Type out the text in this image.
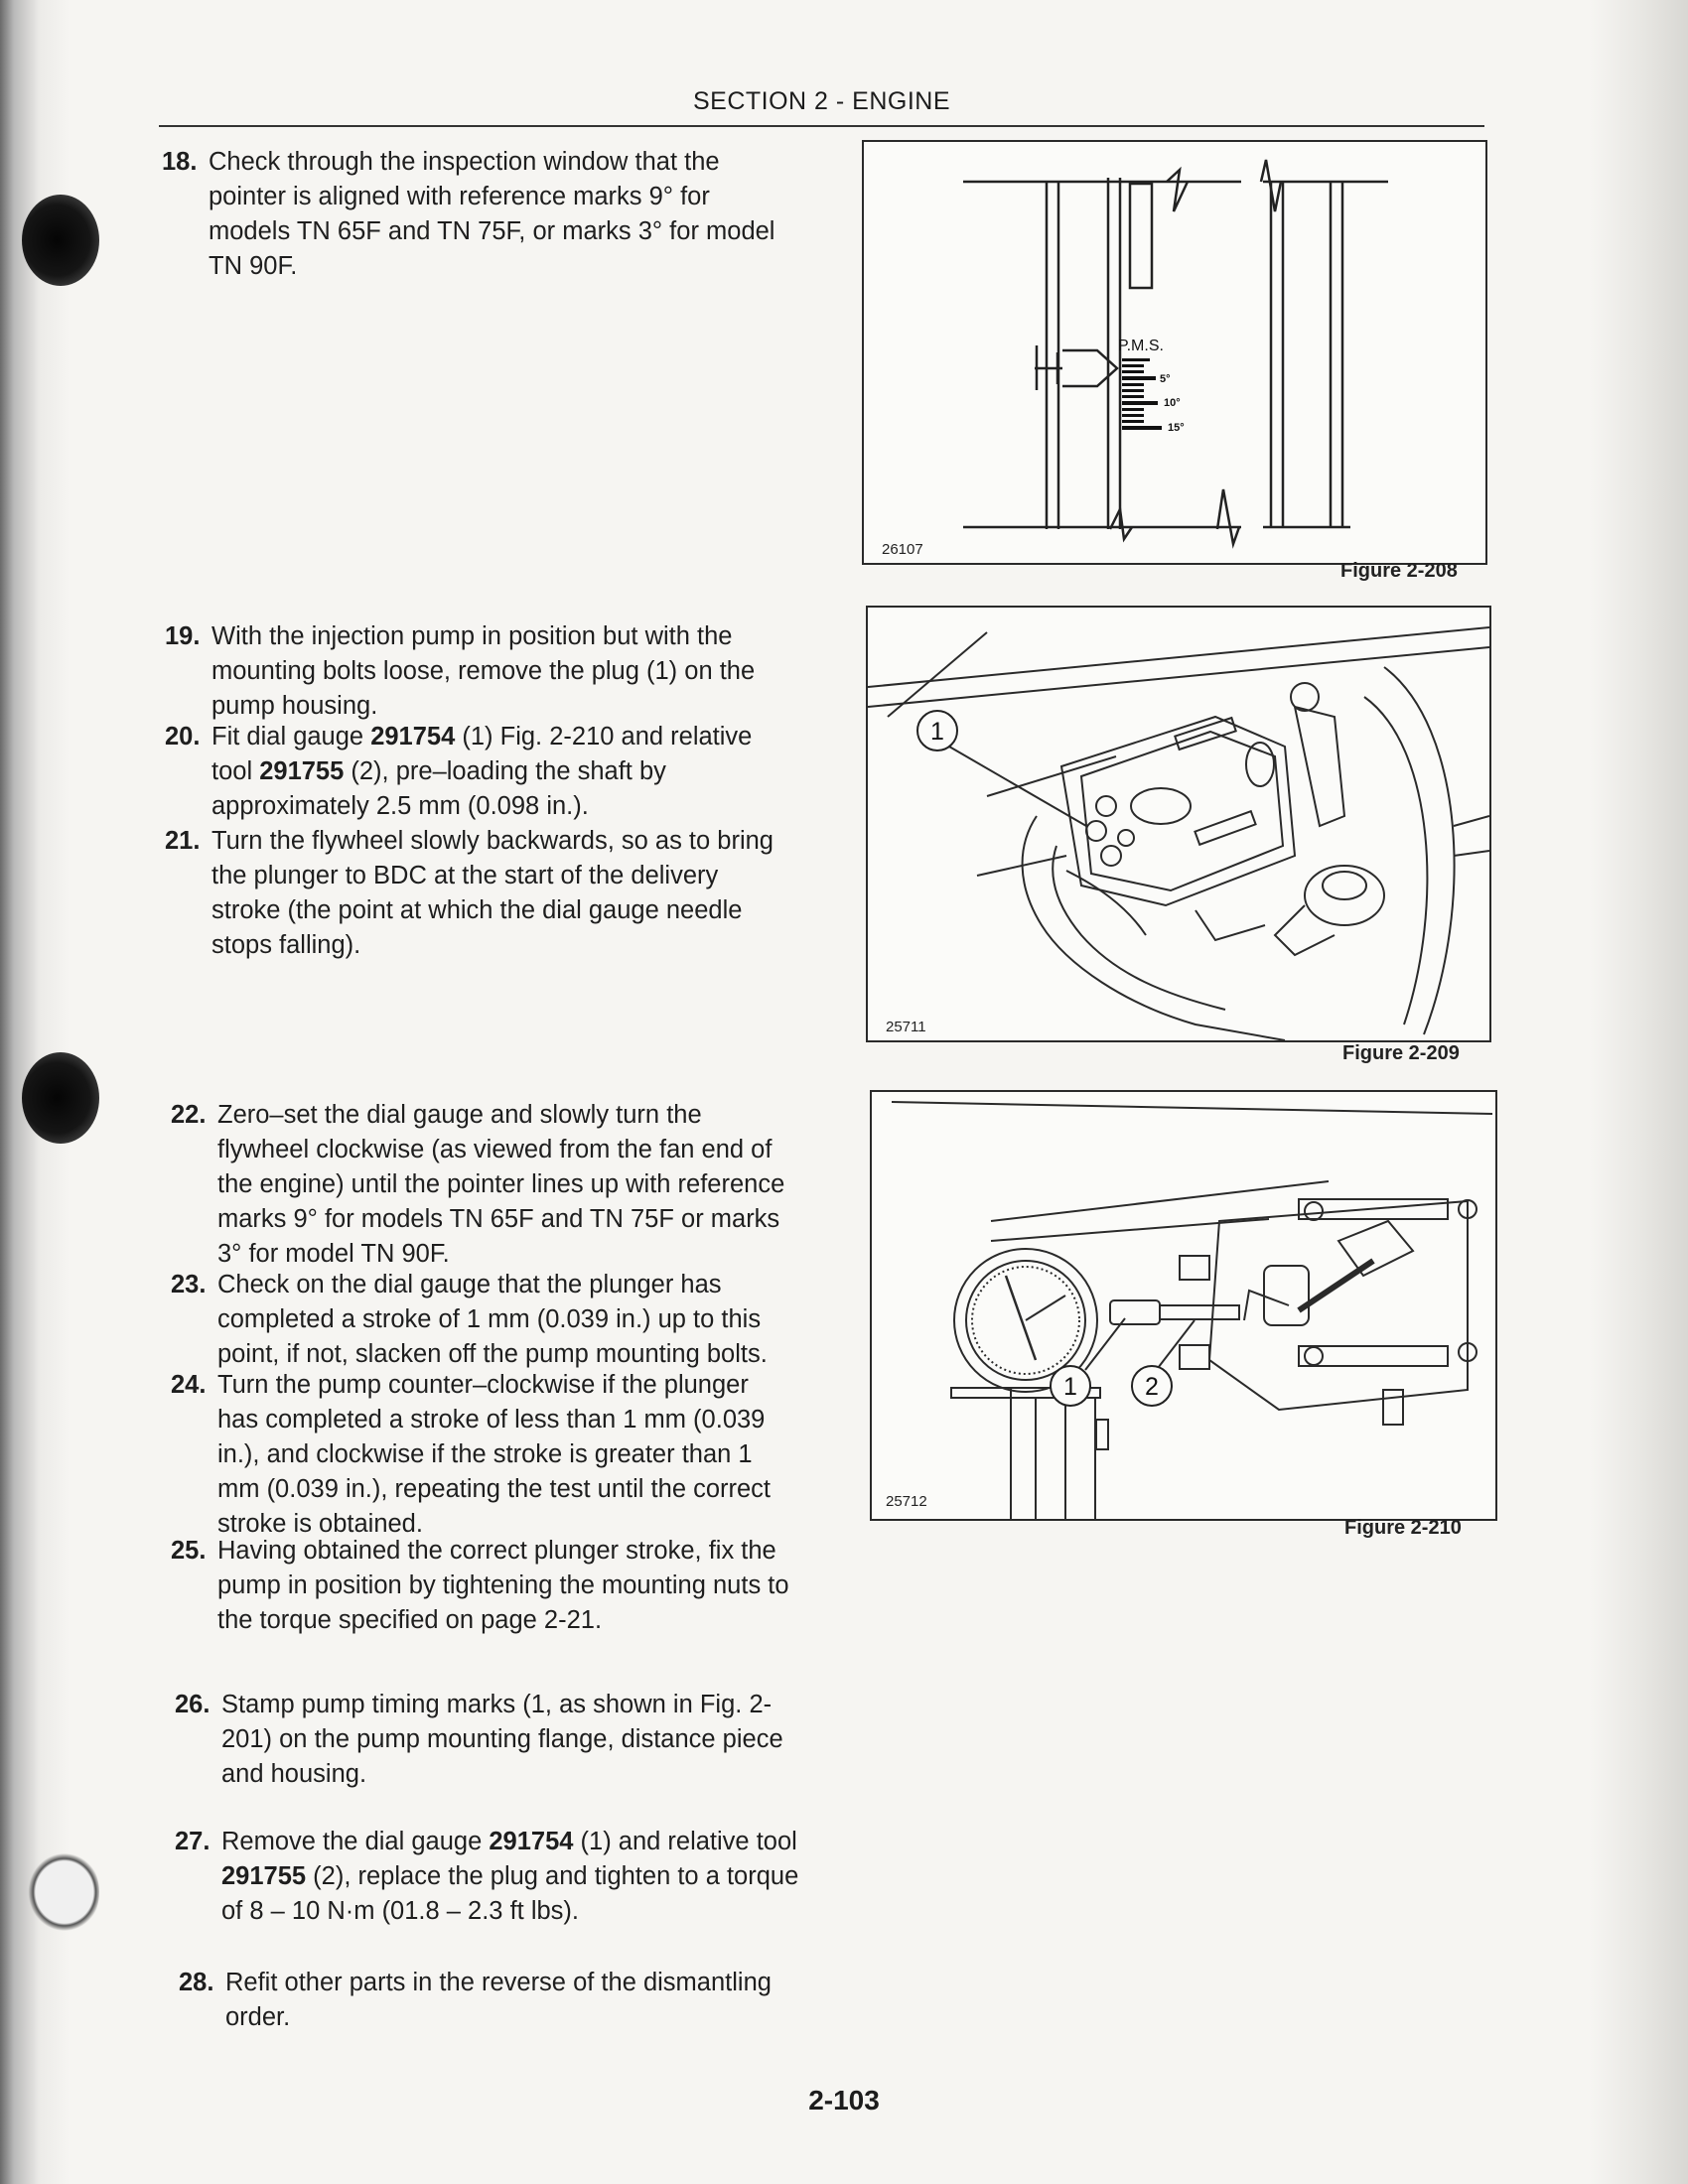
SECTION 2 - ENGINE
18. Check through the inspection window that the pointer is aligned with reference marks 9° for models TN 65F and TN 75F, or marks 3° for model TN 90F.
19. With the injection pump in position but with the mounting bolts loose, remove the plug (1) on the pump housing.
20. Fit dial gauge 291754 (1) Fig. 2-210 and relative tool 291755 (2), pre–loading the shaft by approximately 2.5 mm (0.098 in.).
21. Turn the flywheel slowly backwards, so as to bring the plunger to BDC at the start of the delivery stroke (the point at which the dial gauge needle stops falling).
22. Zero–set the dial gauge and slowly turn the flywheel clockwise (as viewed from the fan end of the engine) until the pointer lines up with reference marks 9° for models TN 65F and TN 75F or marks 3° for model TN 90F.
23. Check on the dial gauge that the plunger has completed a stroke of 1 mm (0.039 in.) up to this point, if not, slacken off the pump mounting bolts.
24. Turn the pump counter–clockwise if the plunger has completed a stroke of less than 1 mm (0.039 in.), and clockwise if the stroke is greater than 1 mm (0.039 in.), repeating the test until the correct stroke is obtained.
25. Having obtained the correct plunger stroke, fix the pump in position by tightening the mounting nuts to the torque specified on page 2-21.
26. Stamp pump timing marks (1, as shown in Fig. 2-201) on the pump mounting flange, distance piece and housing.
27. Remove the dial gauge 291754 (1) and relative tool 291755 (2), replace the plug and tighten to a torque of 8 – 10 N·m (01.8 – 2.3 ft lbs).
28. Refit other parts in the reverse of the dismantling order.
P.M.S.
5°
10°
15°
26107
Figure 2-208
1
25711
Figure 2-209
1	2
25712
Figure 2-210
2-103
